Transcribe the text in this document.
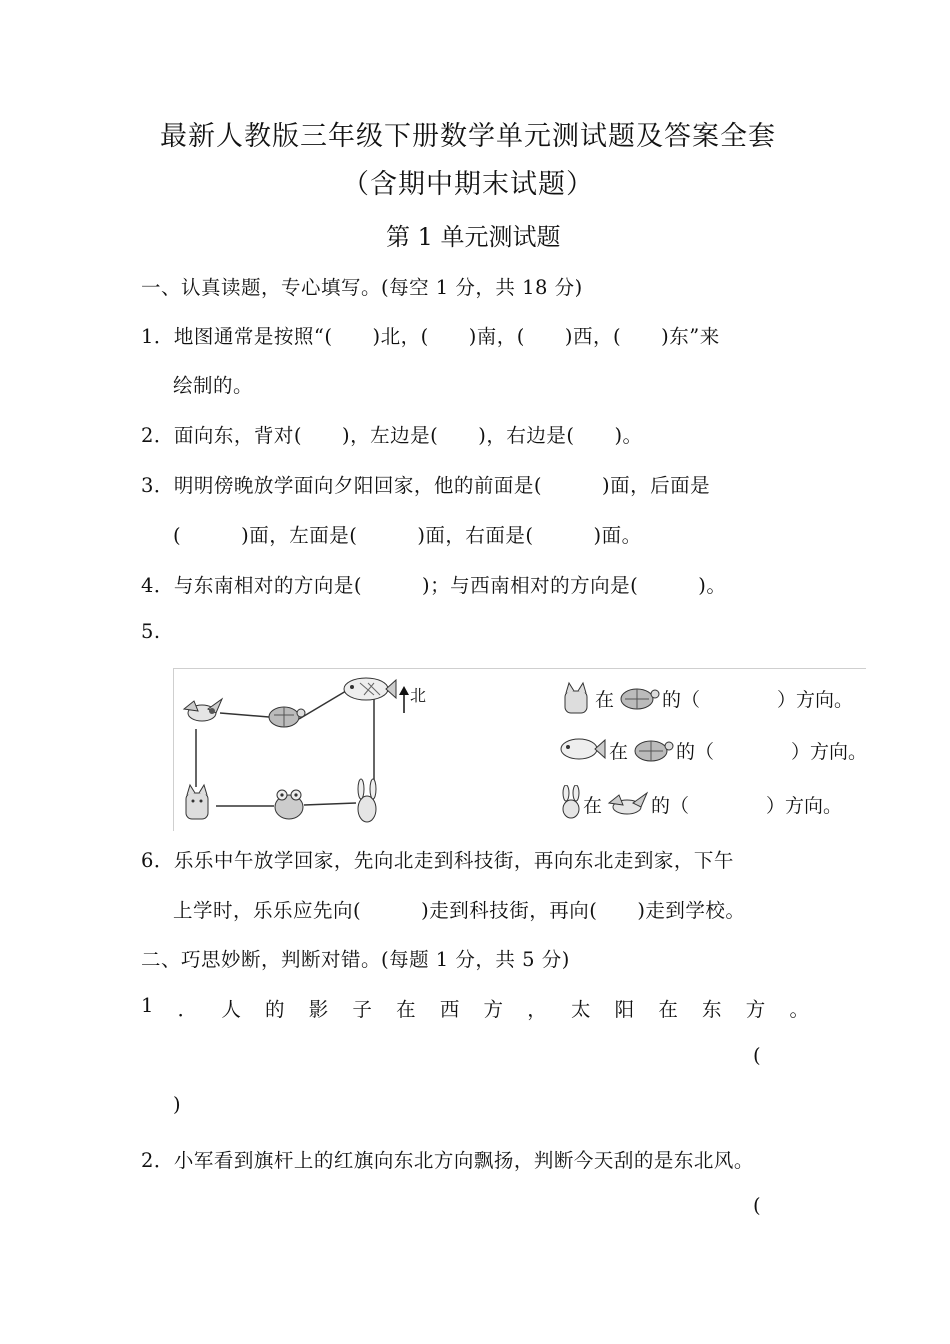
最新人教版三年级下册数学单元测试题及答案全套
（含期中期末试题）
第 1 单元测试题
一、认真读题，专心填写。(每空 1 分，共 18 分)
1．地图通常是按照“(　　)北，(　　)南，(　　)西，(　　)东”来
绘制的。
2．面向东，背对(　　)，左边是(　　)，右边是(　　)。
3．明明傍晚放学面向夕阳回家，他的前面是(　　　)面，后面是
(　　　)面，左面是(　　　)面，右面是(　　　)面。
4．与东南相对的方向是(　　　)；与西南相对的方向是(　　　)。
5.
北	在	的（	）方向。
在	的（	）方向。
在	的（	）方向。
6．乐乐中午放学回家，先向北走到科技街，再向东北走到家，下午
上学时，乐乐应先向(　　　)走到科技街，再向(　　)走到学校。
二、巧思妙断，判断对错。(每题 1 分，共 5 分)
1 ． 人 的 影 子 在 西 方 ， 太 阳 在 东 方 。
(
)
2．小军看到旗杆上的红旗向东北方向飘扬，判断今天刮的是东北风。
(
